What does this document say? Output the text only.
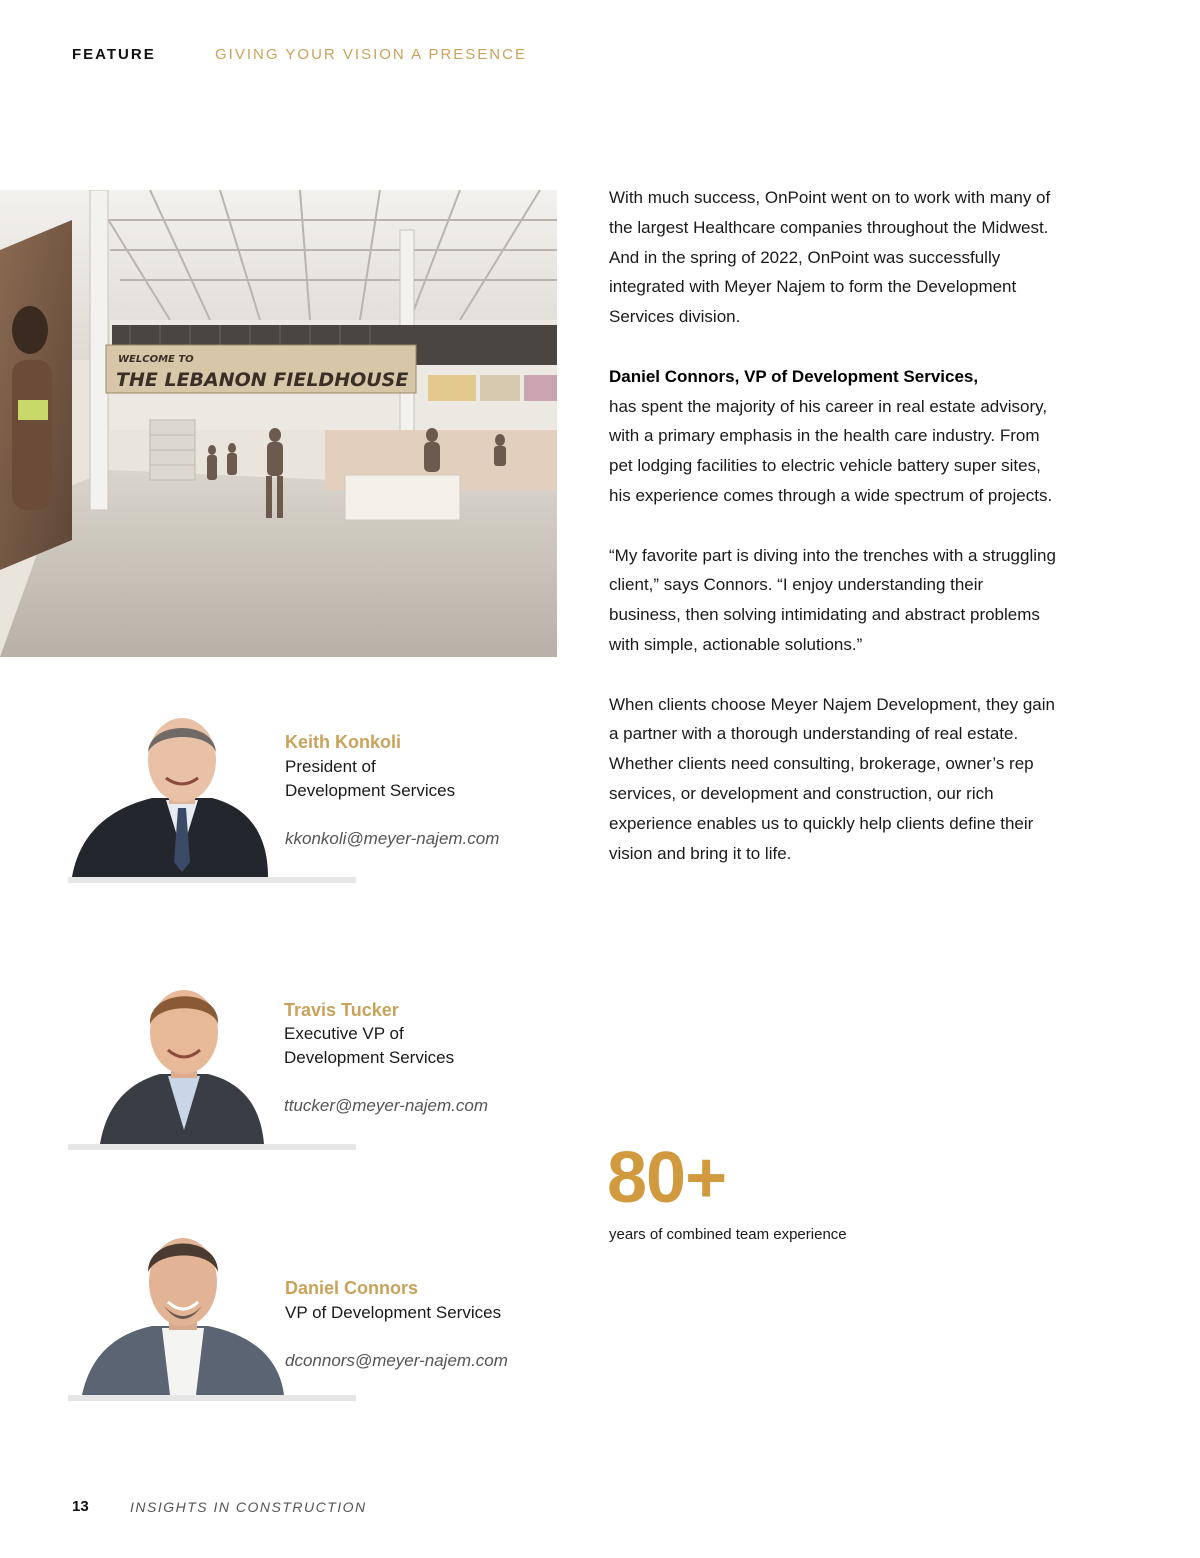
FEATURE	GIVING YOUR VISION A PRESENCE
WELCOME TO
THE LEBANON FIELDHOUSE

With much success, OnPoint went on to work with many of the largest Healthcare companies throughout the Midwest. And in the spring of 2022, OnPoint was successfully integrated with Meyer Najem to form the Development Services division.

Daniel Connors, VP of Development Services,
has spent the majority of his career in real estate advisory, with a primary emphasis in the health care industry. From pet lodging facilities to electric vehicle battery super sites, his experience comes through a wide spectrum of projects.

“My favorite part is diving into the trenches with a struggling client,” says Connors. “I enjoy understanding their business, then solving intimidating and abstract problems with simple, actionable solutions.”

When clients choose Meyer Najem Development, they gain a partner with a thorough understanding of real estate. Whether clients need consulting, brokerage, owner’s rep services, or development and construction, our rich experience enables us to quickly help clients define their vision and bring it to life.

80+
years of combined team experience
Keith Konkoli
President of
Development Services
kkonkoli@meyer-najem.com
Travis Tucker
Executive VP of
Development Services
ttucker@meyer-najem.com
Daniel Connors
VP of Development Services
dconnors@meyer-najem.com
13	INSIGHTS IN CONSTRUCTION
